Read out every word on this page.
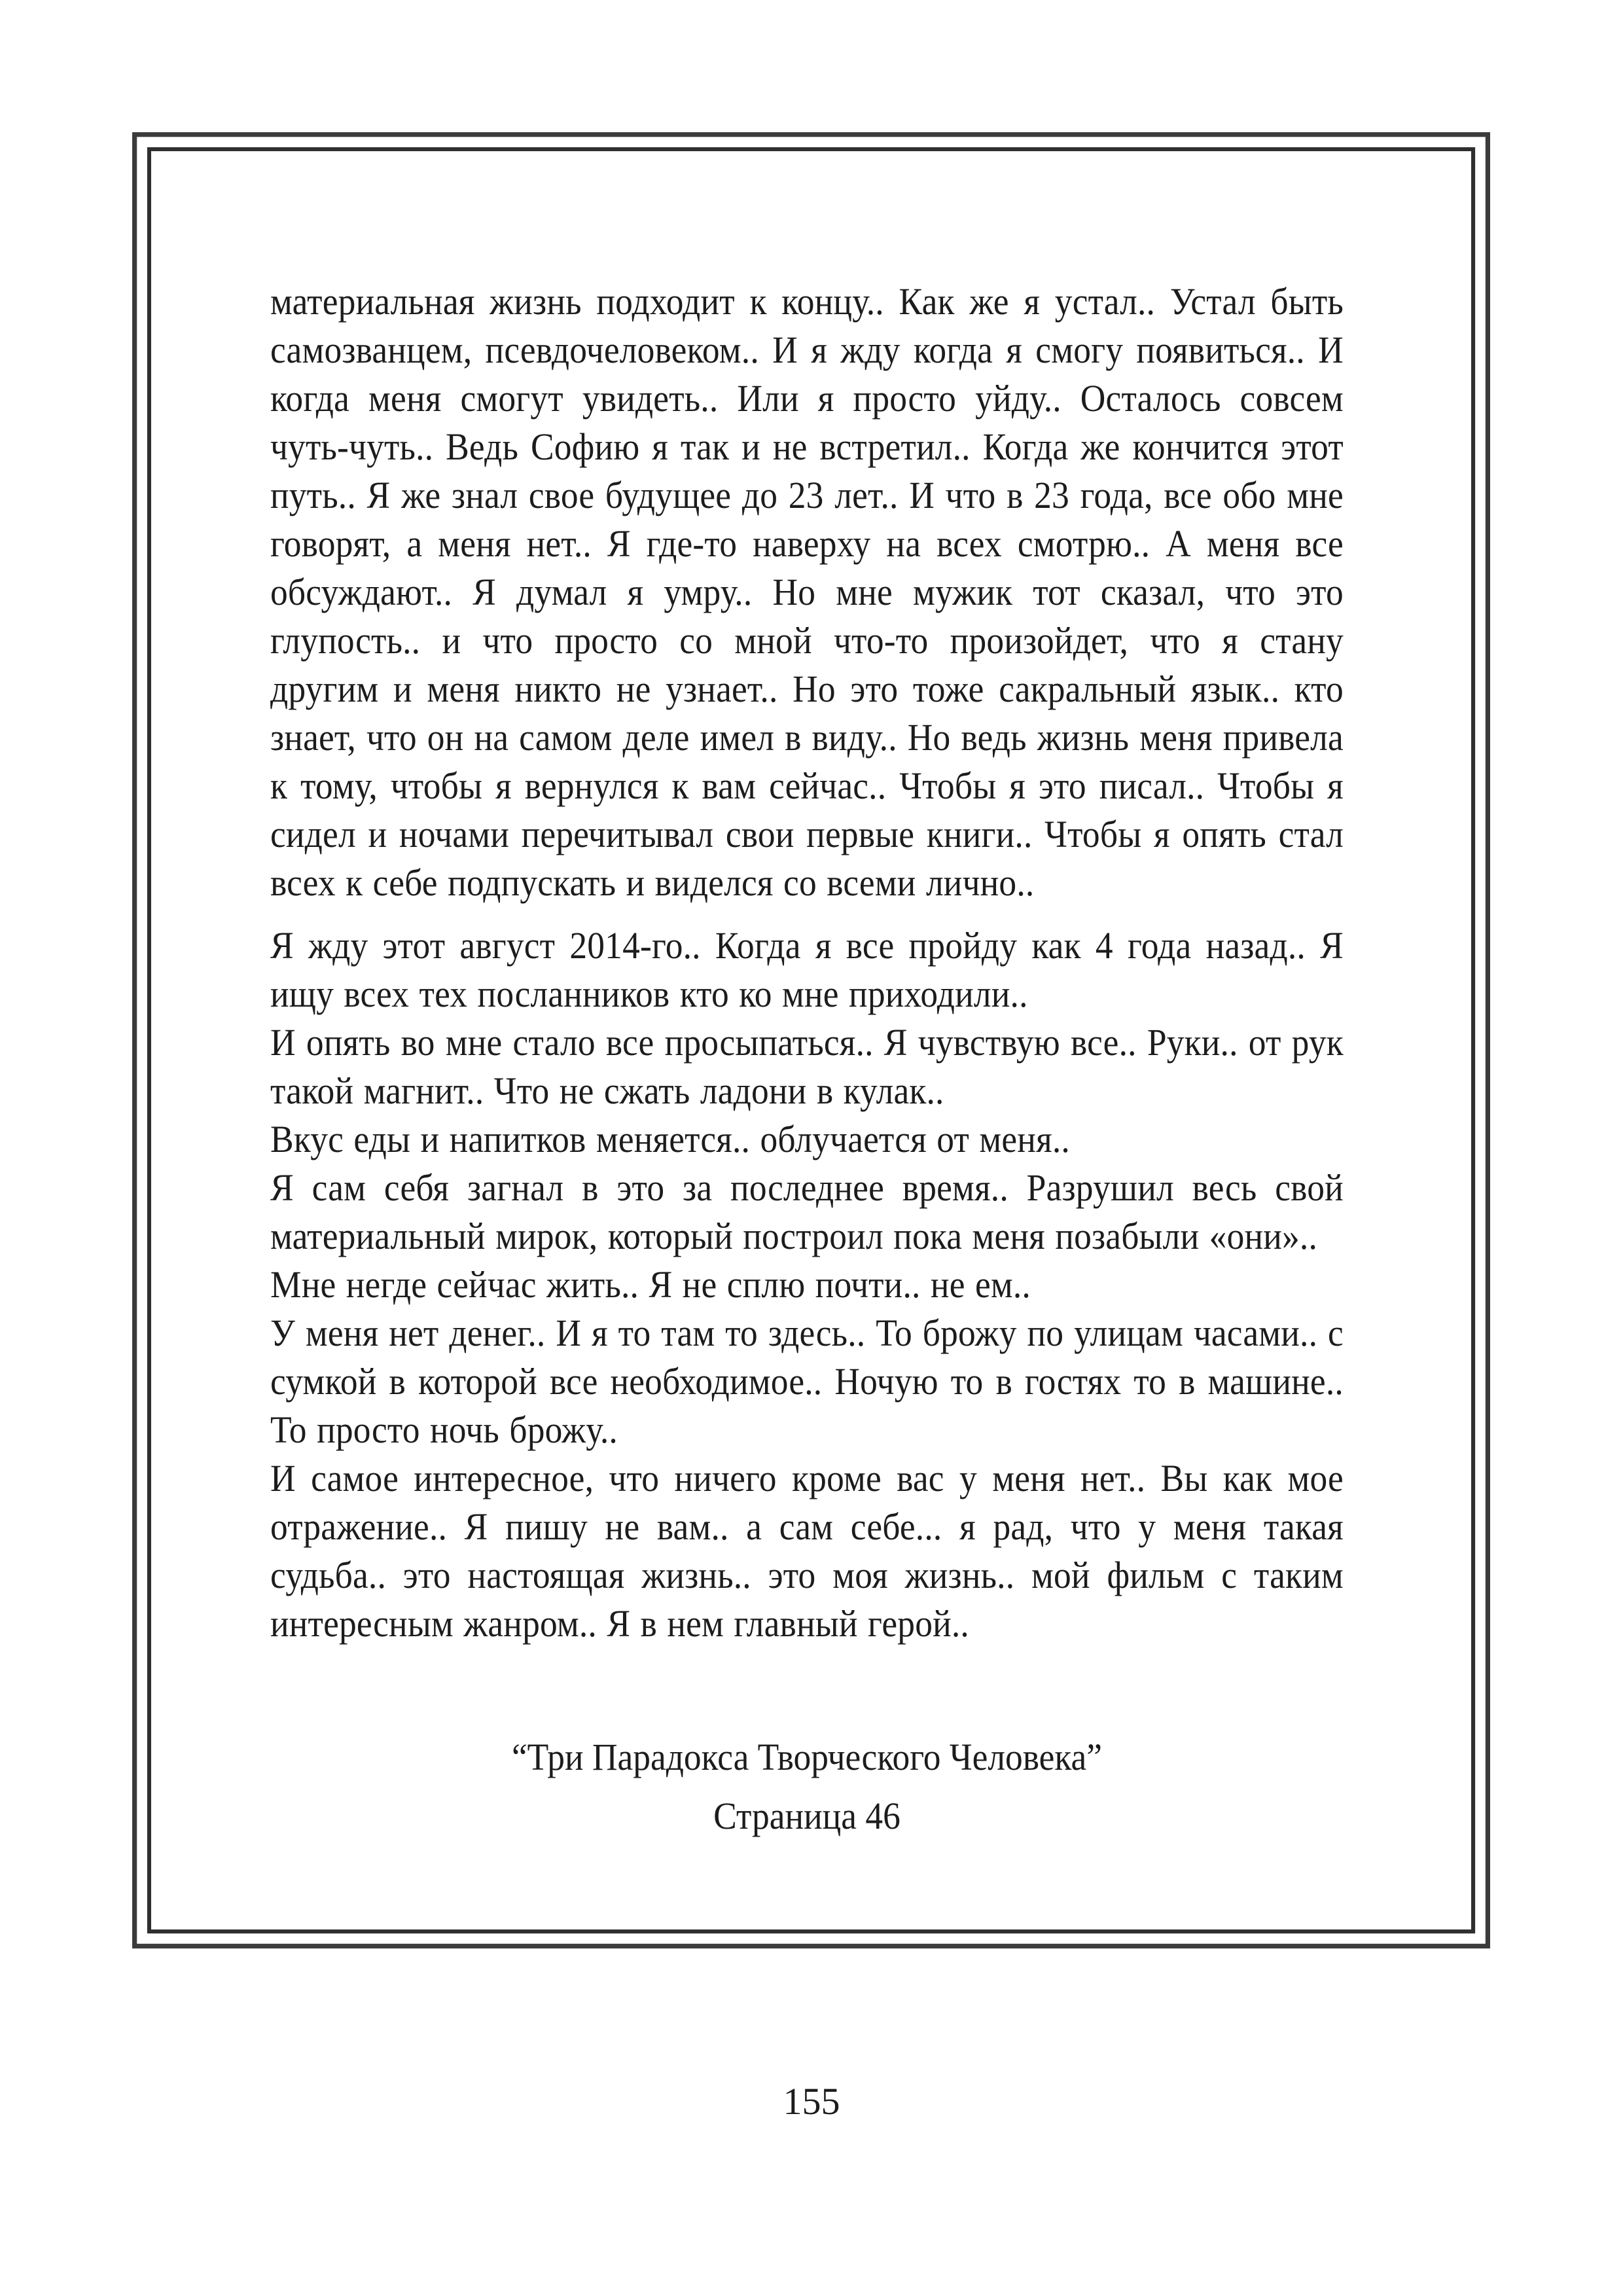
материальная жизнь подходит к концу.. Как же я устал.. Устал быть самозванцем, псевдочеловеком.. И я жду когда я смогу появиться.. И когда меня смогут увидеть.. Или я просто уйду.. Осталось совсем чуть-чуть.. Ведь Софию я так и не встретил.. Когда же кончится этот путь.. Я же знал свое будущее до 23 лет.. И что в 23 года, все обо мне говорят, а меня нет.. Я где-то наверху на всех смотрю.. А меня все обсуждают.. Я думал я умру.. Но мне мужик тот сказал, что это глупость.. и что просто со мной что-то произойдет, что я стану другим и меня никто не узнает.. Но это тоже сакральный язык.. кто знает, что он на самом деле имел в виду.. Но ведь жизнь меня привела к тому, чтобы я вернулся к вам сейчас.. Чтобы я это писал.. Чтобы я сидел и ночами перечитывал свои первые книги.. Чтобы я опять стал всех к себе подпускать и виделся со всеми лично..

Я жду этот август 2014-го.. Когда я все пройду как 4 года назад.. Я ищу всех тех посланников кто ко мне приходили..

И опять во мне стало все просыпаться.. Я чувствую все.. Руки.. от рук такой магнит.. Что не сжать ладони в кулак..

Вкус еды и напитков меняется.. облучается от меня..

Я сам себя загнал в это за последнее время.. Разрушил весь свой материальный мирок, который построил пока меня позабыли «они»..

Мне негде сейчас жить.. Я не сплю почти.. не ем..

У меня нет денег.. И я то там то здесь.. То брожу по улицам часами.. с сумкой в которой все необходимое.. Ночую то в гостях то в машине.. То просто ночь брожу..

И самое интересное, что ничего кроме вас у меня нет.. Вы как мое отражение.. Я пишу не вам.. а сам себе... я рад, что у меня такая судьба.. это настоящая жизнь.. это моя жизнь.. мой фильм с таким интересным жанром.. Я в нем главный герой..

“Три Парадокса Творческого Человека”

Страница 46

155
